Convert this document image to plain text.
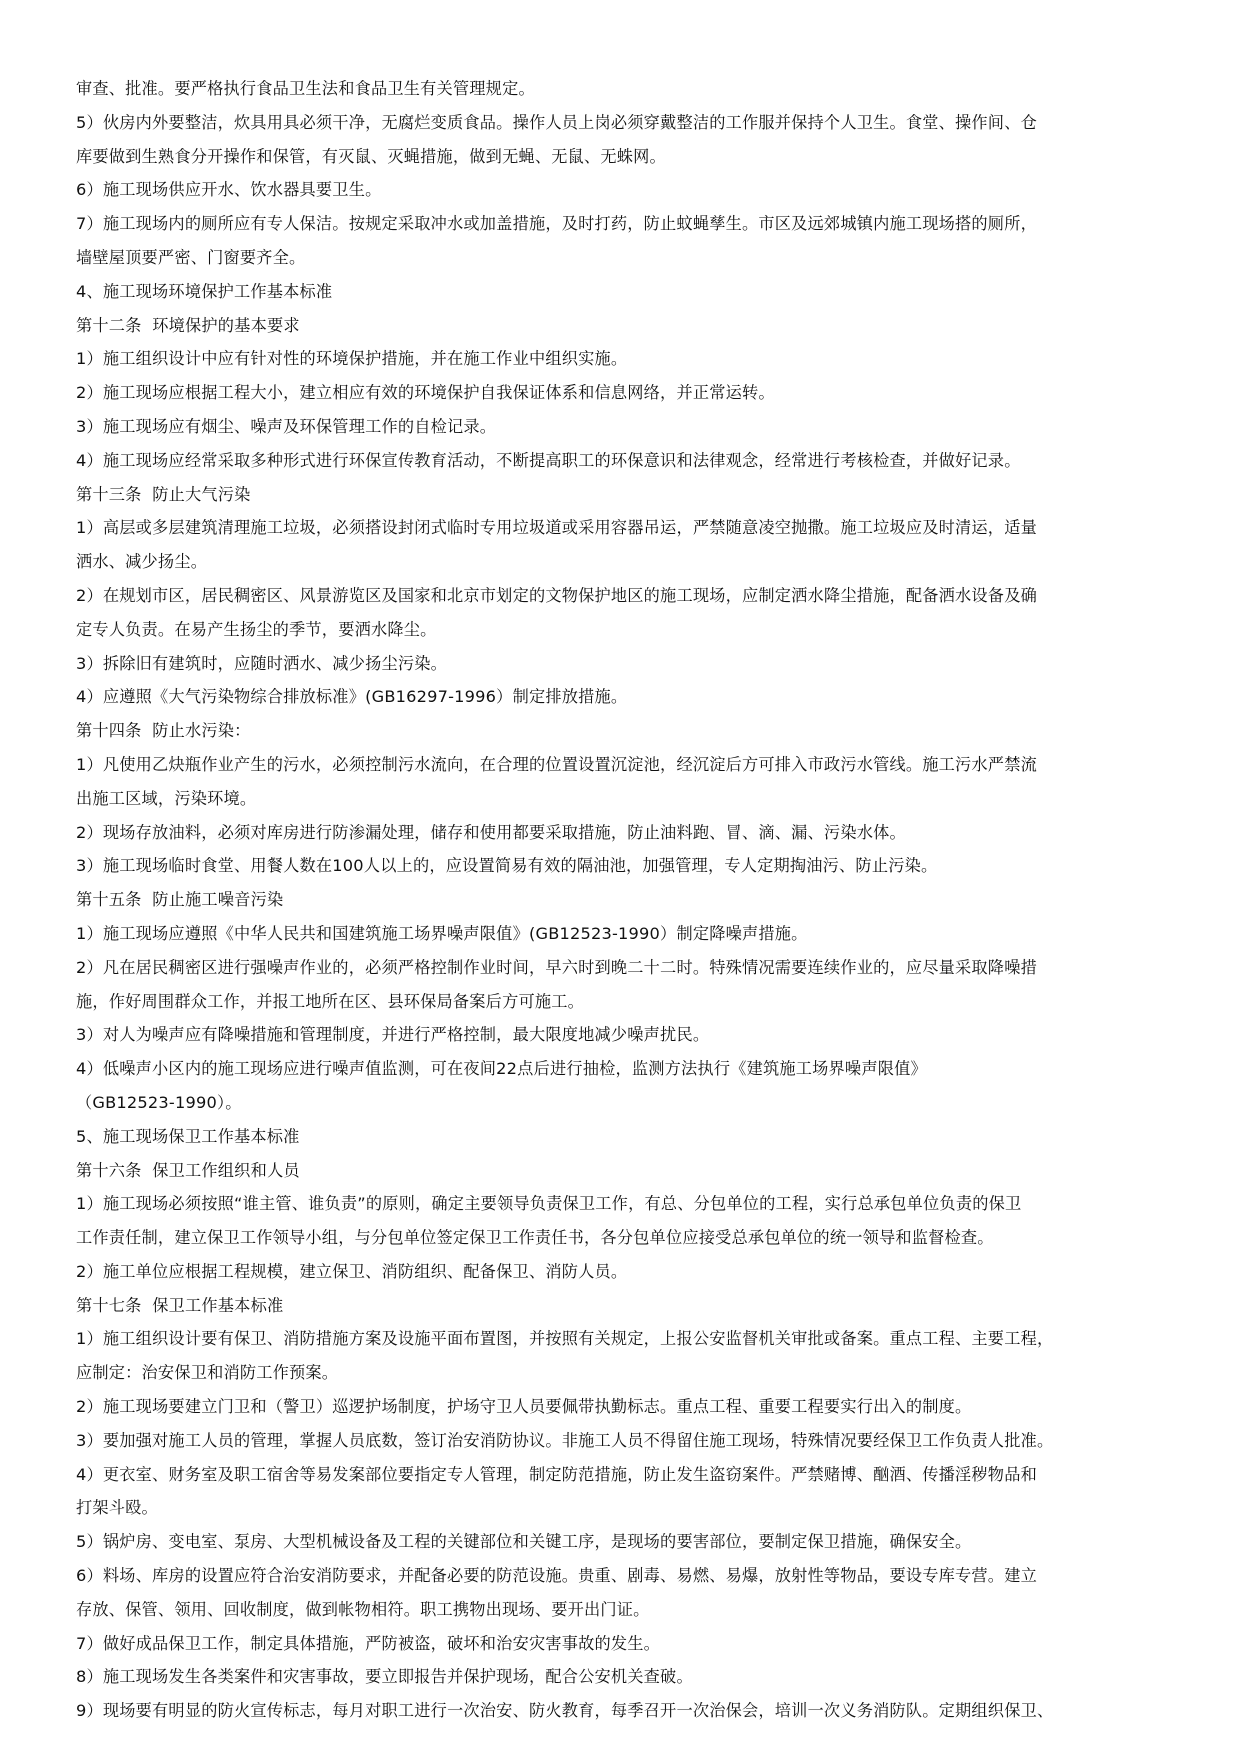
审查、批准。要严格执行食品卫生法和食品卫生有关管理规定。
5）伙房内外要整洁，炊具用具必须干净，无腐烂变质食品。操作人员上岗必须穿戴整洁的工作服并保持个人卫生。食堂、操作间、仓
库要做到生熟食分开操作和保管，有灭鼠、灭蝇措施，做到无蝇、无鼠、无蛛网。
6）施工现场供应开水、饮水器具要卫生。
7）施工现场内的厕所应有专人保洁。按规定采取冲水或加盖措施，及时打药，防止蚊蝇孳生。市区及远郊城镇内施工现场搭的厕所，
墙壁屋顶要严密、门窗要齐全。
4、施工现场环境保护工作基本标准
第十二条  环境保护的基本要求
1）施工组织设计中应有针对性的环境保护措施，并在施工作业中组织实施。
2）施工现场应根据工程大小，建立相应有效的环境保护自我保证体系和信息网络，并正常运转。
3）施工现场应有烟尘、噪声及环保管理工作的自检记录。
4）施工现场应经常采取多种形式进行环保宣传教育活动，不断提高职工的环保意识和法律观念，经常进行考核检查，并做好记录。
第十三条  防止大气污染
1）高层或多层建筑清理施工垃圾，必须搭设封闭式临时专用垃圾道或采用容器吊运，严禁随意凌空抛撒。施工垃圾应及时清运，适量
洒水、减少扬尘。
2）在规划市区，居民稠密区、风景游览区及国家和北京市划定的文物保护地区的施工现场，应制定洒水降尘措施，配备洒水设备及确
定专人负责。在易产生扬尘的季节，要洒水降尘。
3）拆除旧有建筑时，应随时洒水、减少扬尘污染。
4）应遵照《大气污染物综合排放标准》(GB16297-1996）制定排放措施。
第十四条  防止水污染：
1）凡使用乙炔瓶作业产生的污水，必须控制污水流向，在合理的位置设置沉淀池，经沉淀后方可排入市政污水管线。施工污水严禁流
出施工区域，污染环境。
2）现场存放油料，必须对库房进行防渗漏处理，储存和使用都要采取措施，防止油料跑、冒、滴、漏、污染水体。
3）施工现场临时食堂、用餐人数在100人以上的，应设置简易有效的隔油池，加强管理，专人定期掏油污、防止污染。
第十五条  防止施工噪音污染
1）施工现场应遵照《中华人民共和国建筑施工场界噪声限值》(GB12523-1990）制定降噪声措施。
2）凡在居民稠密区进行强噪声作业的，必须严格控制作业时间，早六时到晚二十二时。特殊情况需要连续作业的，应尽量采取降噪措
施，作好周围群众工作，并报工地所在区、县环保局备案后方可施工。
3）对人为噪声应有降噪措施和管理制度，并进行严格控制，最大限度地减少噪声扰民。
4）低噪声小区内的施工现场应进行噪声值监测，可在夜间22点后进行抽检，监测方法执行《建筑施工场界噪声限值》
（GB12523-1990）。
5、施工现场保卫工作基本标准
第十六条  保卫工作组织和人员
1）施工现场必须按照“谁主管、谁负责”的原则，确定主要领导负责保卫工作，有总、分包单位的工程，实行总承包单位负责的保卫
工作责任制，建立保卫工作领导小组，与分包单位签定保卫工作责任书，各分包单位应接受总承包单位的统一领导和监督检查。
2）施工单位应根据工程规模，建立保卫、消防组织、配备保卫、消防人员。
第十七条  保卫工作基本标准
1）施工组织设计要有保卫、消防措施方案及设施平面布置图，并按照有关规定，上报公安监督机关审批或备案。重点工程、主要工程，
应制定：治安保卫和消防工作预案。
2）施工现场要建立门卫和（警卫）巡逻护场制度，护场守卫人员要佩带执勤标志。重点工程、重要工程要实行出入的制度。
3）要加强对施工人员的管理，掌握人员底数，签订治安消防协议。非施工人员不得留住施工现场，特殊情况要经保卫工作负责人批准。
4）更衣室、财务室及职工宿舍等易发案部位要指定专人管理，制定防范措施，防止发生盗窃案件。严禁赌博、酗酒、传播淫秽物品和
打架斗殴。
5）锅炉房、变电室、泵房、大型机械设备及工程的关键部位和关键工序，是现场的要害部位，要制定保卫措施，确保安全。
6）料场、库房的设置应符合治安消防要求，并配备必要的防范设施。贵重、剧毒、易燃、易爆，放射性等物品，要设专库专营。建立
存放、保管、领用、回收制度，做到帐物相符。职工携物出现场、要开出门证。
7）做好成品保卫工作，制定具体措施，严防被盗，破坏和治安灾害事故的发生。
8）施工现场发生各类案件和灾害事故，要立即报告并保护现场，配合公安机关查破。
9）现场要有明显的防火宣传标志，每月对职工进行一次治安、防火教育，每季召开一次治保会，培训一次义务消防队。定期组织保卫、
